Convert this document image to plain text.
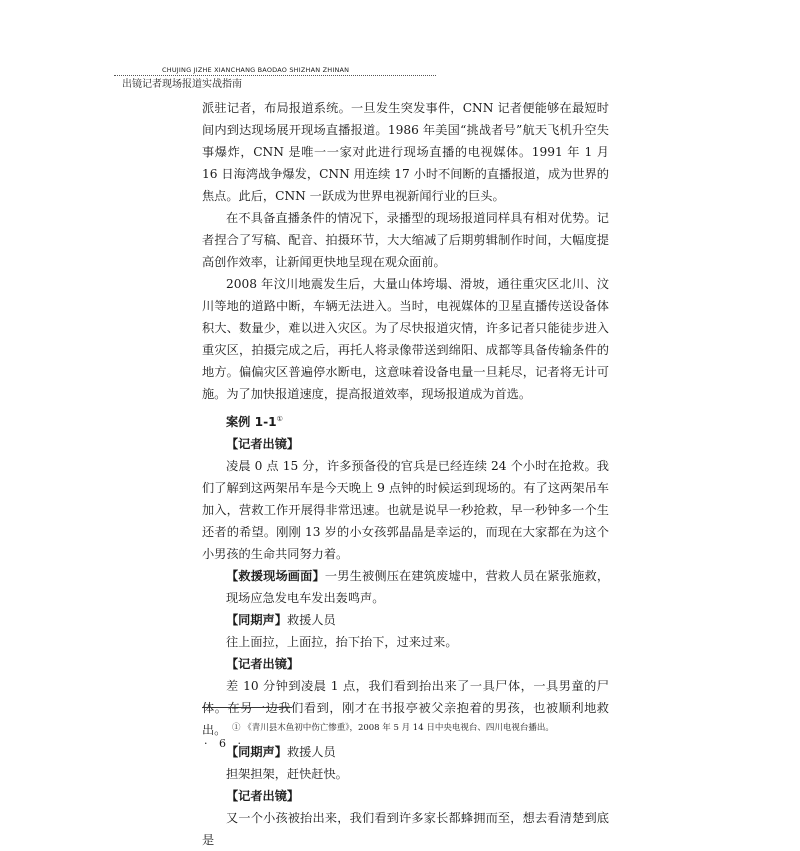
CHUJING JIZHE XIANCHANG BAODAO SHIZHAN ZHINAN
出镜记者现场报道实战指南

派驻记者，布局报道系统。一旦发生突发事件，CNN 记者便能够在最短时间内到达现场展开现场直播报道。1986 年美国“挑战者号”航天飞机升空失事爆炸，CNN 是唯一一家对此进行现场直播的电视媒体。1991 年 1 月 16 日海湾战争爆发，CNN 用连续 17 小时不间断的直播报道，成为世界的焦点。此后，CNN 一跃成为世界电视新闻行业的巨头。

在不具备直播条件的情况下，录播型的现场报道同样具有相对优势。记者捏合了写稿、配音、拍摄环节，大大缩减了后期剪辑制作时间，大幅度提高创作效率，让新闻更快地呈现在观众面前。

2008 年汶川地震发生后，大量山体垮塌、滑坡，通往重灾区北川、汶川等地的道路中断，车辆无法进入。当时，电视媒体的卫星直播传送设备体积大、数量少，难以进入灾区。为了尽快报道灾情，许多记者只能徒步进入重灾区，拍摄完成之后，再托人将录像带送到绵阳、成都等具备传输条件的地方。偏偏灾区普遍停水断电，这意味着设备电量一旦耗尽，记者将无计可施。为了加快报道速度，提高报道效率，现场报道成为首选。

案例 1-1①

【记者出镜】

凌晨 0 点 15 分，许多预备役的官兵是已经连续 24 个小时在抢救。我们了解到这两架吊车是今天晚上 9 点钟的时候运到现场的。有了这两架吊车加入，营救工作开展得非常迅速。也就是说早一秒抢救，早一秒钟多一个生还者的希望。刚刚 13 岁的小女孩郭晶晶是幸运的，而现在大家都在为这个小男孩的生命共同努力着。

【救援现场画面】一男生被侧压在建筑废墟中，营救人员在紧张施救，现场应急发电车发出轰鸣声。

【同期声】救援人员

往上面拉，上面拉，抬下抬下，过来过来。

【记者出镜】

差 10 分钟到凌晨 1 点，我们看到抬出来了一具尸体，一具男童的尸体。在另一边我们看到，刚才在书报亭被父亲抱着的男孩，也被顺利地救出。

【同期声】救援人员

担架担架，赶快赶快。

【记者出镜】

又一个小孩被抬出来，我们看到许多家长都蜂拥而至，想去看清楚到底是

① 《青川县木鱼初中伤亡惨重》，2008 年 5 月 14 日中央电视台、四川电视台播出。
· 6 ·
